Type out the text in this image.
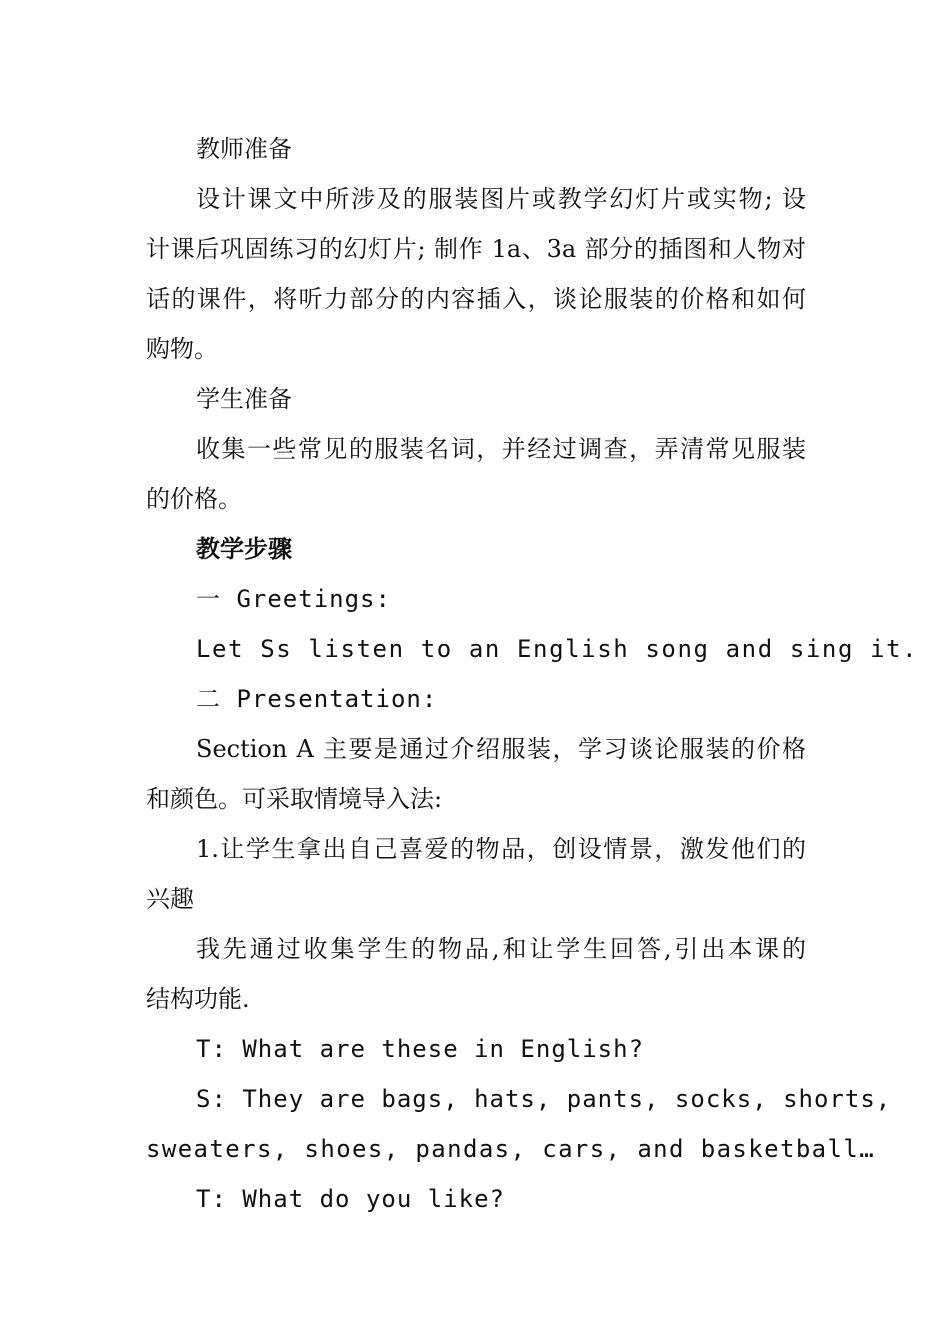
教师准备
设计课文中所涉及的服装图片或教学幻灯片或实物; 设
计课后巩固练习的幻灯片; 制作 1a、3a 部分的插图和人物对
话的课件，将听力部分的内容插入，谈论服装的价格和如何
购物。
学生准备
收集一些常见的服装名词，并经过调查，弄清常见服装
的价格。
教学步骤
一 Greetings:
Let Ss listen to an English song and sing it.
二 Presentation:
Section A 主要是通过介绍服装，学习谈论服装的价格
和颜色。可采取情境导入法:
1.让学生拿出自己喜爱的物品，创设情景，激发他们的
兴趣
我先通过收集学生的物品,和让学生回答,引出本课的
结构功能.
T: What are these in English?
S: They are bags, hats, pants, socks, shorts,
sweaters, shoes, pandas, cars, and basketball…
T: What do you like?
